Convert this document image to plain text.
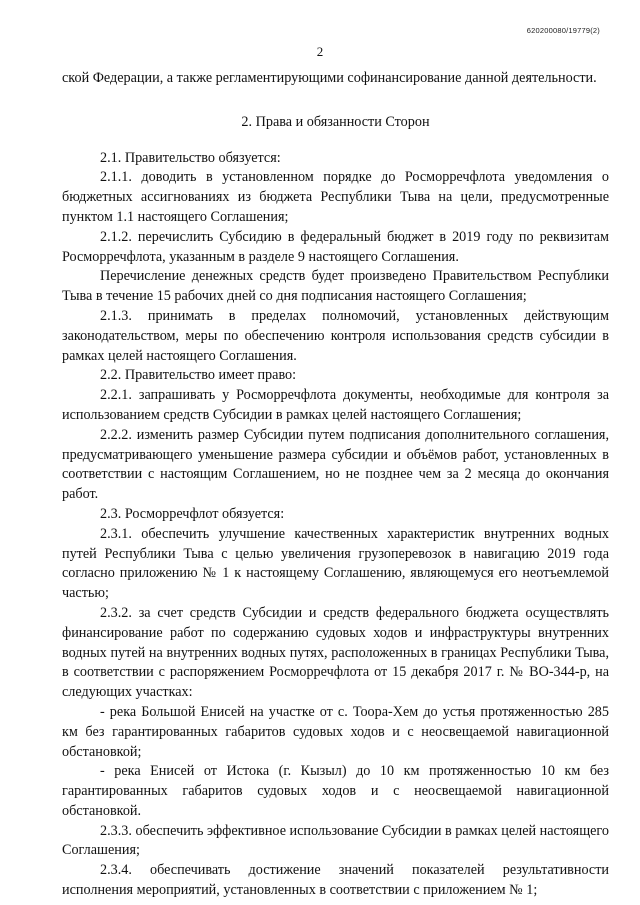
620200080/19779(2)
2

ской Федерации, а также регламентирующими софинансирование данной деятельности.

2. Права и обязанности Сторон

2.1. Правительство обязуется:

2.1.1. доводить в установленном порядке до Росморречфлота уведомления о бюджетных ассигнованиях из бюджета Республики Тыва на цели, предусмотренные пунктом 1.1 настоящего Соглашения;

2.1.2. перечислить Субсидию в федеральный бюджет в 2019 году по реквизитам Росморречфлота, указанным в разделе 9 настоящего Соглашения.

Перечисление денежных средств будет произведено Правительством Республики Тыва в течение 15 рабочих дней со дня подписания настоящего Соглашения;

2.1.3. принимать в пределах полномочий, установленных действующим законодательством, меры по обеспечению контроля использования средств субсидии в рамках целей настоящего Соглашения.

2.2. Правительство имеет право:

2.2.1. запрашивать у Росморречфлота документы, необходимые для контроля за использованием средств Субсидии в рамках целей настоящего Соглашения;

2.2.2. изменить размер Субсидии путем подписания дополнительного соглашения, предусматривающего уменьшение размера субсидии и объёмов работ, установленных в соответствии с настоящим Соглашением, но не позднее чем за 2 месяца до окончания работ.

2.3. Росморречфлот обязуется:

2.3.1. обеспечить улучшение качественных характеристик внутренних водных путей Республики Тыва с целью увеличения грузоперевозок в навигацию 2019 года согласно приложению № 1 к настоящему Соглашению, являющемуся его неотъемлемой частью;

2.3.2. за счет средств Субсидии и средств федерального бюджета осуществлять финансирование работ по содержанию судовых ходов и инфраструктуры внутренних водных путей на внутренних водных путях, расположенных в границах Республики Тыва, в соответствии с распоряжением Росморречфлота от 15 декабря 2017 г. № ВО-344-р, на следующих участках:

- река Большой Енисей на участке от с. Тоора-Хем до устья протяженностью 285 км без гарантированных габаритов судовых ходов и с неосвещаемой навигационной обстановкой;

- река Енисей от Истока (г. Кызыл) до 10 км протяженностью 10 км без гарантированных габаритов судовых ходов и с неосвещаемой навигационной обстановкой.

2.3.3. обеспечить эффективное использование Субсидии в рамках целей настоящего Соглашения;

2.3.4. обеспечивать достижение значений показателей результативности исполнения мероприятий, установленных в соответствии с приложением № 1;
